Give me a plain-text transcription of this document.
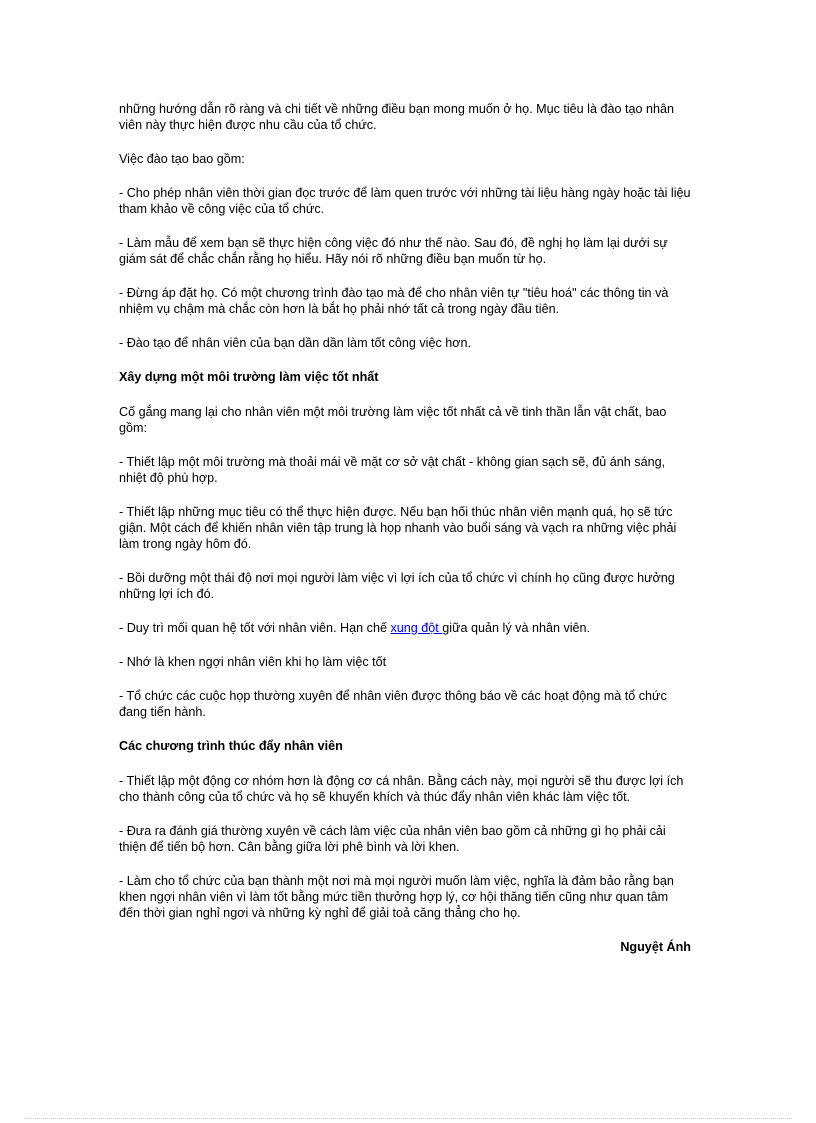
những hướng dẫn rõ ràng và chi tiết về những điều bạn mong muốn ở họ. Mục tiêu là đào tạo nhân viên này thực hiện được nhu cầu của tổ chức.

Việc đào tạo bao gồm:

- Cho phép nhân viên thời gian đọc trước để làm quen trước với những tài liệu hàng ngày hoặc tài liệu tham khảo về công việc của tổ chức.

- Làm mẫu để xem bạn sẽ thực hiện công việc đó như thế nào. Sau đó, đề nghị họ làm lại dưới sự giám sát để chắc chắn rằng họ hiểu. Hãy nói rõ những điều bạn muốn từ họ.

- Đừng áp đặt họ. Có một chương trình đào tạo mà để cho nhân viên tự "tiêu hoá" các thông tin và nhiệm vụ chậm mà chắc còn hơn là bắt họ phải nhớ tất cả trong ngày đầu tiên.

- Đào tạo để nhân viên của bạn dần dần làm tốt công việc hơn.

Xây dựng một môi trường làm việc tốt nhất

Cố gắng mang lại cho nhân viên một môi trường làm việc tốt nhất cả về tinh thần lẫn vật chất, bao gồm:

- Thiết lập một môi trường mà thoải mái về mặt cơ sở vật chất - không gian sạch sẽ, đủ ánh sáng, nhiệt độ phù hợp.

- Thiết lập những mục tiêu có thể thực hiện được. Nếu bạn hối thúc nhân viên mạnh quá, họ sẽ tức giận. Một cách để khiến nhân viên tập trung là họp nhanh vào buổi sáng và vạch ra những việc phải làm trong ngày hôm đó.

- Bồi dưỡng một thái độ nơi mọi người làm việc vì lợi ích của tổ chức vì chính họ cũng được hưởng những lợi ích đó.

- Duy trì mối quan hệ tốt với nhân viên. Hạn chế xung đột giữa quản lý và nhân viên.

- Nhớ là khen ngợi nhân viên khi họ làm việc tốt

- Tổ chức các cuộc họp thường xuyên để nhân viên được thông báo về các hoạt động mà tổ chức đang tiến hành.

Các chương trình thúc đẩy nhân viên

- Thiết lập một động cơ nhóm hơn là động cơ cá nhân. Bằng cách này, mọi người sẽ thu được lợi ích cho thành công của tổ chức và họ sẽ khuyến khích và thúc đẩy nhân viên khác làm việc tốt.

- Đưa ra đánh giá thường xuyên về cách làm việc của nhân viên bao gồm cả những gì họ phải cải thiện để tiến bộ hơn. Cân bằng giữa lời phê bình và lời khen.

- Làm cho tổ chức của bạn thành một nơi mà mọi người muốn làm việc, nghĩa là đảm bảo rằng bạn khen ngợi nhân viên vì làm tốt bằng mức tiền thưởng hợp lý, cơ hội thăng tiến cũng như quan tâm đến thời gian nghỉ ngơi và những kỳ nghỉ để giải toả căng thẳng cho họ.

Nguyệt Ánh
